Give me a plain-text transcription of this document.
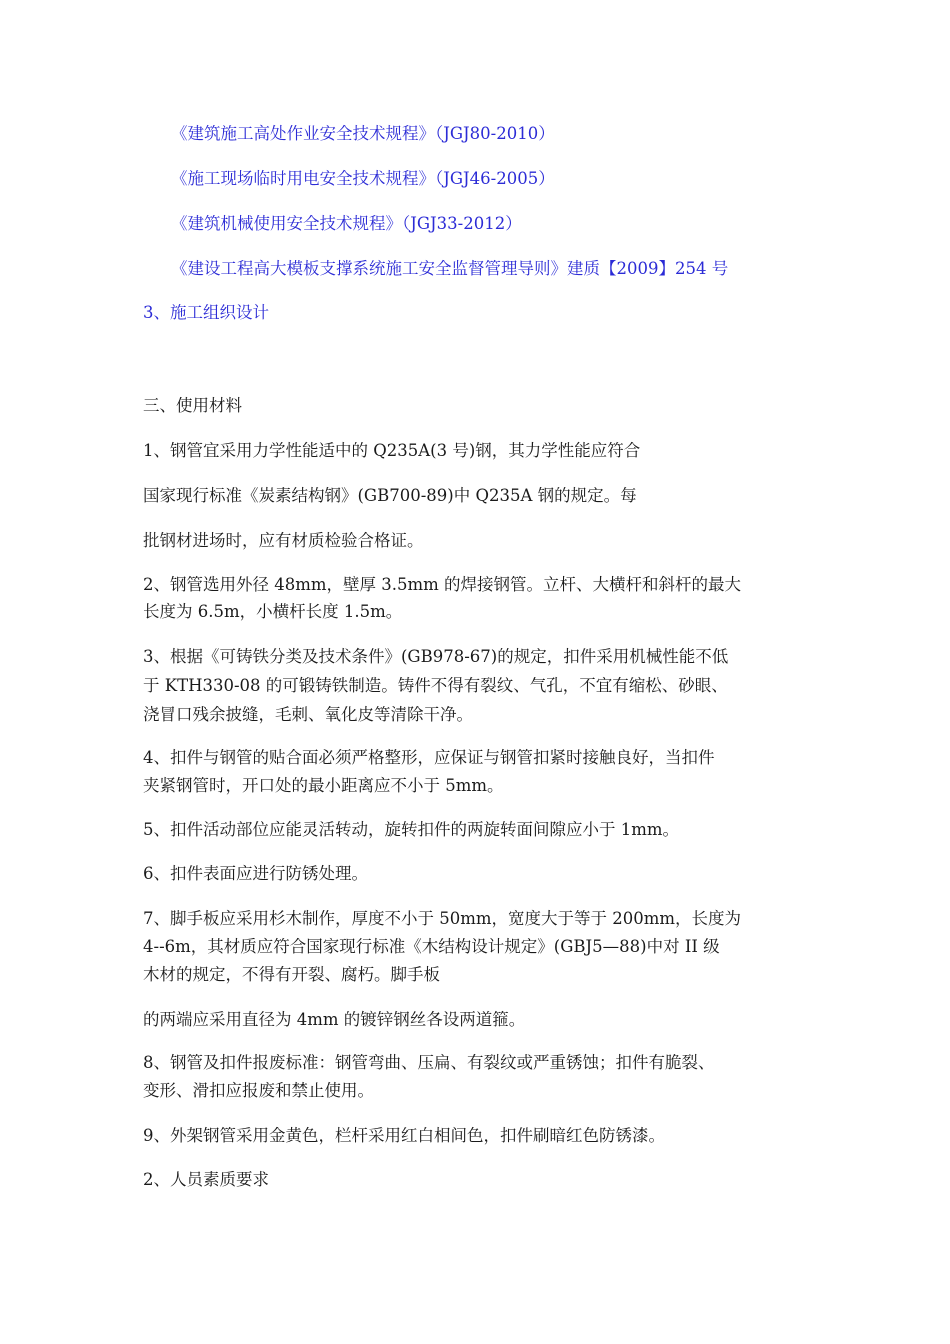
《建筑施工高处作业安全技术规程》（JGJ80-2010）
《施工现场临时用电安全技术规程》（JGJ46-2005）
《建筑机械使用安全技术规程》（JGJ33-2012）
《建设工程高大模板支撑系统施工安全监督管理导则》建质【2009】254 号
3、施工组织设计
三、使用材料
1、钢管宜采用力学性能适中的 Q235A(3 号)钢，其力学性能应符合
国家现行标准《炭素结构钢》(GB700-89)中 Q235A 钢的规定。每
批钢材进场时，应有材质检验合格证。
2、钢管选用外径 48mm，壁厚 3.5mm 的焊接钢管。立杆、大横杆和斜杆的最大
长度为 6.5m，小横杆长度 1.5m。
3、根据《可铸铁分类及技术条件》(GB978-67)的规定，扣件采用机械性能不低
于 KTH330-08 的可锻铸铁制造。铸件不得有裂纹、气孔，不宜有缩松、砂眼、
浇冒口残余披缝，毛刺、氧化皮等清除干净。
4、扣件与钢管的贴合面必须严格整形，应保证与钢管扣紧时接触良好，当扣件
夹紧钢管时，开口处的最小距离应不小于 5mm。
5、扣件活动部位应能灵活转动，旋转扣件的两旋转面间隙应小于 1mm。
6、扣件表面应进行防锈处理。
7、脚手板应采用杉木制作，厚度不小于 50mm，宽度大于等于 200mm，长度为
4--6m，其材质应符合国家现行标准《木结构设计规定》(GBJ5—88)中对 II 级
木材的规定，不得有开裂、腐朽。脚手板
的两端应采用直径为 4mm 的镀锌钢丝各设两道箍。
8、钢管及扣件报废标准：钢管弯曲、压扁、有裂纹或严重锈蚀；扣件有脆裂、
变形、滑扣应报废和禁止使用。
9、外架钢管采用金黄色，栏杆采用红白相间色，扣件刷暗红色防锈漆。
2、人员素质要求
